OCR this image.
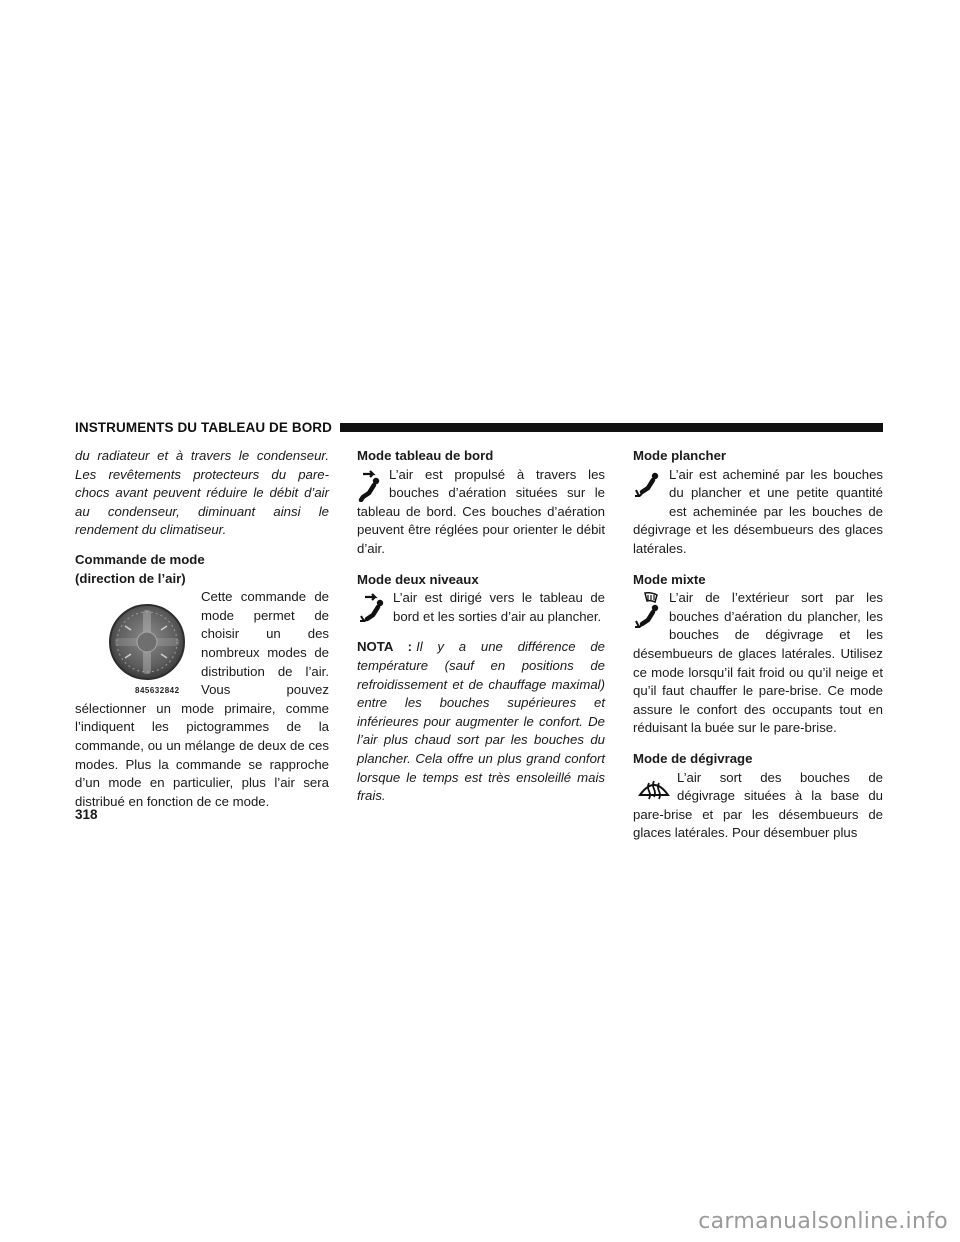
INSTRUMENTS DU TABLEAU DE BORD

du radiateur et à travers le condenseur. Les revêtements protecteurs du pare-chocs avant peuvent réduire le débit d’air au condenseur, diminuant ainsi le rendement du climatiseur.

Commande de mode
(direction de l’air)
8456328​42

Cette commande de mode permet de choisir un des nombreux modes de distribution de l’air. Vous pouvez sélectionner un mode primaire, comme l’indiquent les pictogrammes de la commande, ou un mélange de deux de ces modes. Plus la commande se rapproche d’un mode en particulier, plus l’air sera distribué en fonction de ce mode.

Mode tableau de bord

L’air est propulsé à travers les bouches d’aération situées sur le tableau de bord. Ces bouches d’aération peuvent être réglées pour orienter le débit d’air.

Mode deux niveaux

L’air est dirigé vers le tableau de bord et les sorties d’air au plancher.

NOTA : Il y a une différence de température (sauf en positions de refroidissement et de chauffage maximal) entre les bouches supérieures et inférieures pour augmenter le confort. De l’air plus chaud sort par les bouches du plancher. Cela offre un plus grand confort lorsque le temps est très ensoleillé mais frais.

Mode plancher

L’air est acheminé par les bouches du plancher et une petite quantité est acheminée par les bouches de dégivrage et les désembueurs des glaces latérales.

Mode mixte

L’air de l’extérieur sort par les bouches d’aération du plancher, les bouches de dégivrage et les désembueurs de glaces latérales. Utilisez ce mode lorsqu’il fait froid ou qu’il neige et qu’il faut chauffer le pare-brise. Ce mode assure le confort des occupants tout en réduisant la buée sur le pare-brise.

Mode de dégivrage

L’air sort des bouches de dégivrage situées à la base du pare-brise et par les désembueurs de glaces latérales. Pour désembuer plus

318
carmanualsonline.info
